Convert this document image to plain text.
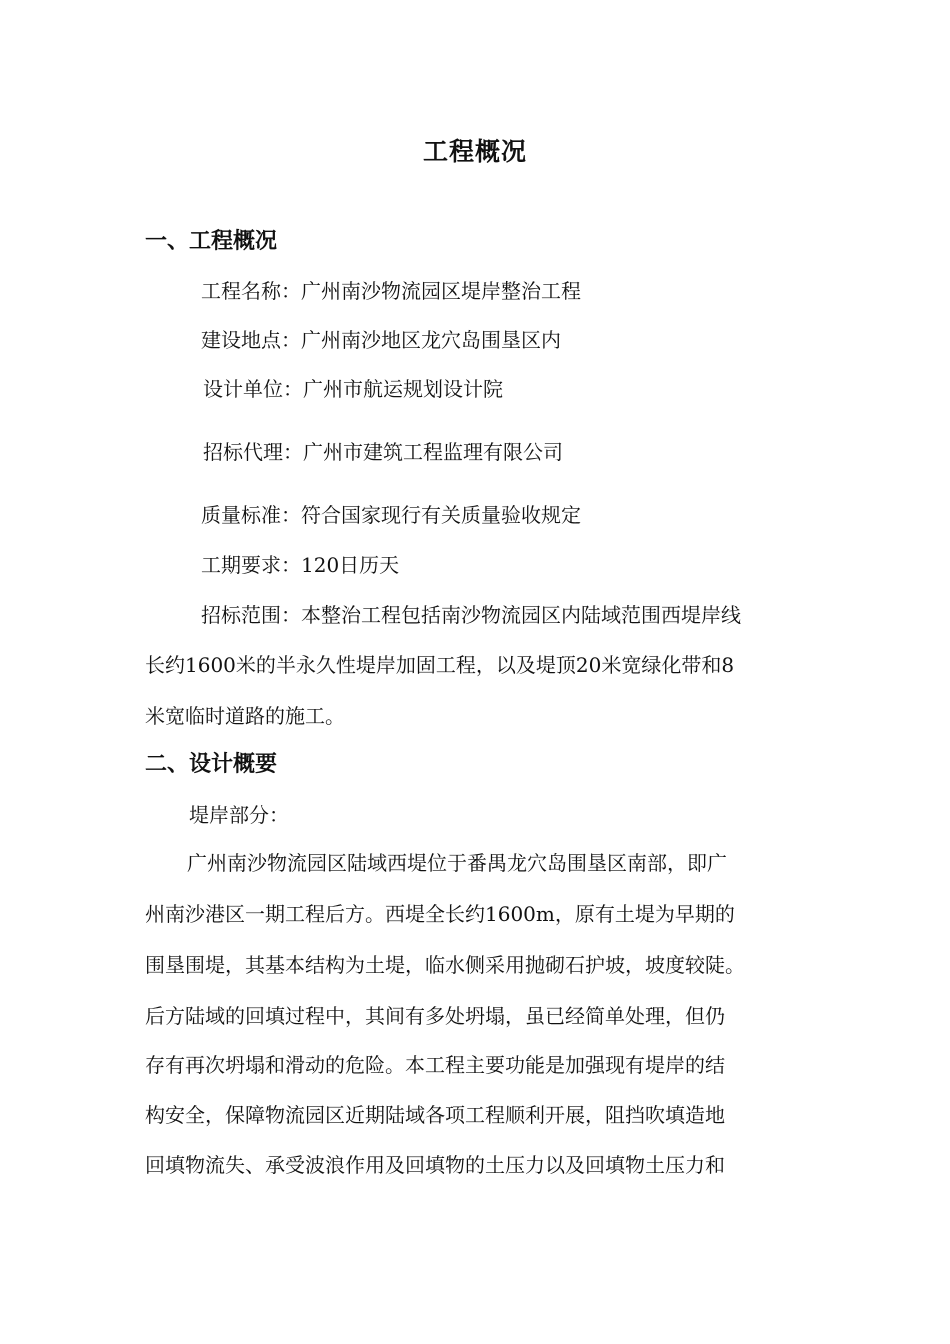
工程概况
一、工程概况
工程名称：广州南沙物流园区堤岸整治工程
建设地点：广州南沙地区龙穴岛围垦区内
设计单位：广州市航运规划设计院
招标代理：广州市建筑工程监理有限公司
质量标准：符合国家现行有关质量验收规定
工期要求：120日历天
招标范围：本整治工程包括南沙物流园区内陆域范围西堤岸线
长约1600米的半永久性堤岸加固工程，以及堤顶20米宽绿化带和8
米宽临时道路的施工。
二、设计概要
堤岸部分：
广州南沙物流园区陆域西堤位于番禺龙穴岛围垦区南部，即广
州南沙港区一期工程后方。西堤全长约1600m，原有土堤为早期的
围垦围堤，其基本结构为土堤，临水侧采用抛砌石护坡，坡度较陡。
后方陆域的回填过程中，其间有多处坍塌，虽已经简单处理，但仍
存有再次坍塌和滑动的危险。本工程主要功能是加强现有堤岸的结
构安全，保障物流园区近期陆域各项工程顺利开展，阻挡吹填造地
回填物流失、承受波浪作用及回填物的土压力以及回填物土压力和
